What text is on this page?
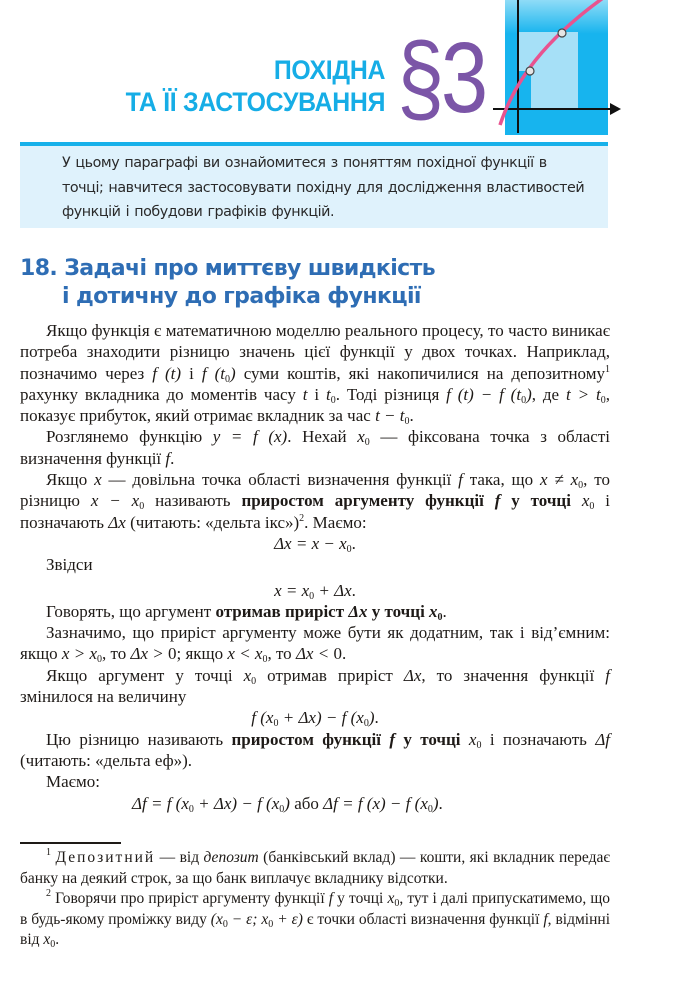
ПОХІДНА
ТА ЇЇ ЗАСТОСУВАННЯ §3
У цьому параграфі ви ознайомитеся з поняттям похідної функції в точці; навчитеся застосовувати похідну для дослідження властивостей функцій і побудови графіків функцій.
18. Задачі про миттєву швидкість
і дотичну до графіка функції

Якщо функція є математичною моделлю реального процесу, то часто виникає потреба знаходити різницю значень цієї функції у двох точках. Наприклад, позначимо через f (t) і f $(t_0)$ суми коштів, які накопичилися на депозитному$^1$ рахунку вкладника до моментів часу t і $t_0$. Тоді різниця f (t) − f $(t_0)$, де $t > t_0$, показує прибуток, який отримає вкладник за час $t - t_0$.

Розглянемо функцію y = f (x). Нехай $x_0$ — фіксована точка з області визначення функції f.

Якщо x — довільна точка області визначення функції f така, що $x \ne x_0$, то різницю $x - x_0$ називають приростом аргументу функції f у точці $x_0$ і позначають Δx (читають: «дельта ікс»)$^2$. Маємо:

$\Delta x = x - x_0$.

Звідси

$x = x_0 + \Delta x$.

Говорять, що аргумент отримав приріст Δx у точці $x_0$.

Зазначимо, що приріст аргументу може бути як додатним, так і від’ємним: якщо $x > x_0$, то Δx > 0; якщо $x < x_0$, то Δx < 0.

Якщо аргумент у точці $x_0$ отримав приріст Δx, то значення функції f змінилося на величину

f $(x_0 + \Delta x) - f$ $(x_0)$.

Цю різницю називають приростом функції f у точці $x_0$ і позначають Δf (читають: «дельта еф»).

Маємо:

Δf = f $(x_0 + \Delta x) - f$ $(x_0)$ або Δf = f (x) − f $(x_0)$.

$^1$ Депозитний — від депозит (банківський вклад) — кошти, які вкладник передає банку на деякий строк, за що банк виплачує вкладнику відсотки.

$^2$ Говорячи про приріст аргументу функції f у точці $x_0$, тут і далі припускатимемо, що в будь-якому проміжку виду ($x_0 - \varepsilon$; $x_0 + \varepsilon$) є точки області визначення функції f, відмінні від $x_0$.
